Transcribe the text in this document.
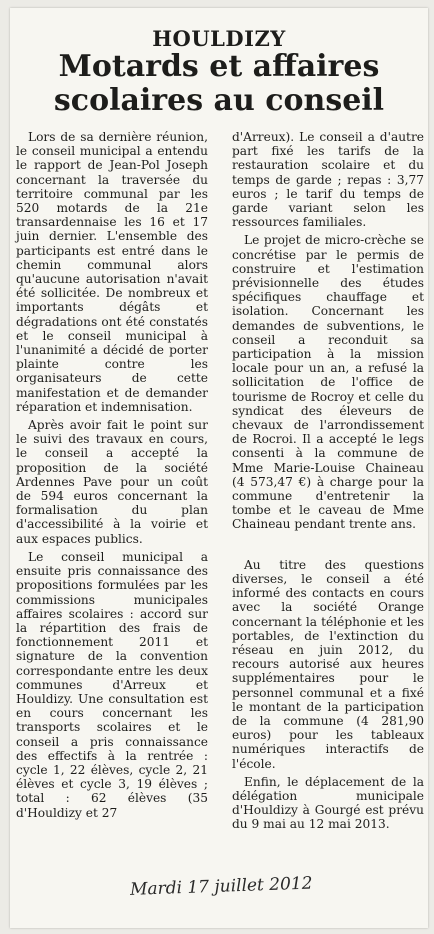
HOULDIZY
Motards et affaires
scolaires au conseil

Lors de sa dernière réunion, le conseil municipal a entendu le rapport de Jean-Pol Joseph concernant la traversée du territoire communal par les 520 motards de la 21e transardennaise les 16 et 17 juin dernier. L'ensemble des participants est entré dans le chemin communal alors qu'aucune autorisation n'avait été sollicitée. De nombreux et importants dégâts et dégradations ont été constatés et le conseil municipal à l'unanimité a décidé de porter plainte contre les organisateurs de cette manifestation et de demander réparation et indemnisation.

Après avoir fait le point sur le suivi des travaux en cours, le conseil a accepté la proposition de la société Ardennes Pave pour un coût de 594 euros concernant la formalisation du plan d'accessibilité à la voirie et aux espaces publics.

Le conseil municipal a ensuite pris connaissance des propositions formulées par les commissions municipales affaires scolaires : accord sur la répartition des frais de fonctionnement 2011 et signature de la convention correspondante entre les deux communes d'Arreux et Houldizy. Une consultation est en cours concernant les transports scolaires et le conseil a pris connaissance des effectifs à la rentrée : cycle 1, 22 élèves, cycle 2, 21 élèves et cycle 3, 19 élèves ; total : 62 élèves (35 d'Houldizy et 27

d'Arreux). Le conseil a d'autre part fixé les tarifs de la restauration scolaire et du temps de garde ; repas : 3,77 euros ; le tarif du temps de garde variant selon les ressources familiales.

Le projet de micro-crèche se concrétise par le permis de construire et l'estimation prévisionnelle des études spécifiques chauffage et isolation. Concernant les demandes de subventions, le conseil a reconduit sa participation à la mission locale pour un an, a refusé la sollicitation de l'office de tourisme de Rocroy et celle du syndicat des éleveurs de chevaux de l'arrondissement de Rocroi. Il a accepté le legs consenti à la commune de Mme Marie-Louise Chaineau (4 573,47 €) à charge pour la commune d'entretenir la tombe et le caveau de Mme Chaineau pendant trente ans.

Au titre des questions diverses, le conseil a été informé des contacts en cours avec la société Orange concernant la téléphonie et les portables, de l'extinction du réseau en juin 2012, du recours autorisé aux heures supplémentaires pour le personnel communal et a fixé le montant de la participation de la commune (4 281,90 euros) pour les tableaux numériques interactifs de l'école.

Enfin, le déplacement de la délégation municipale d'Houldizy à Gourgé est prévu du 9 mai au 12 mai 2013.

Mardi 17 juillet 2012
